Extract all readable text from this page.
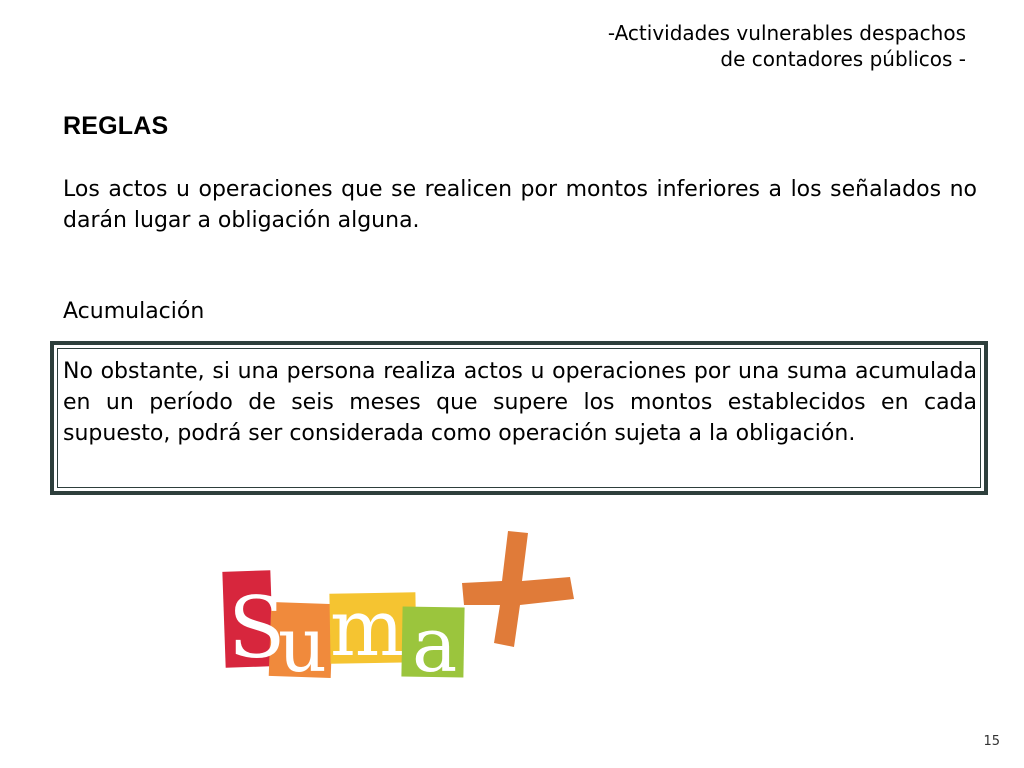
-Actividades vulnerables despachos
de contadores públicos -
REGLAS
Los actos u operaciones que se realicen por montos inferiores a los señalados no darán lugar a obligación alguna.
Acumulación
No obstante, si una persona realiza actos u operaciones por una suma acumulada en un período de seis meses que supere los montos establecidos en cada supuesto, podrá ser considerada como operación sujeta a la obligación.
S
u m a
15
